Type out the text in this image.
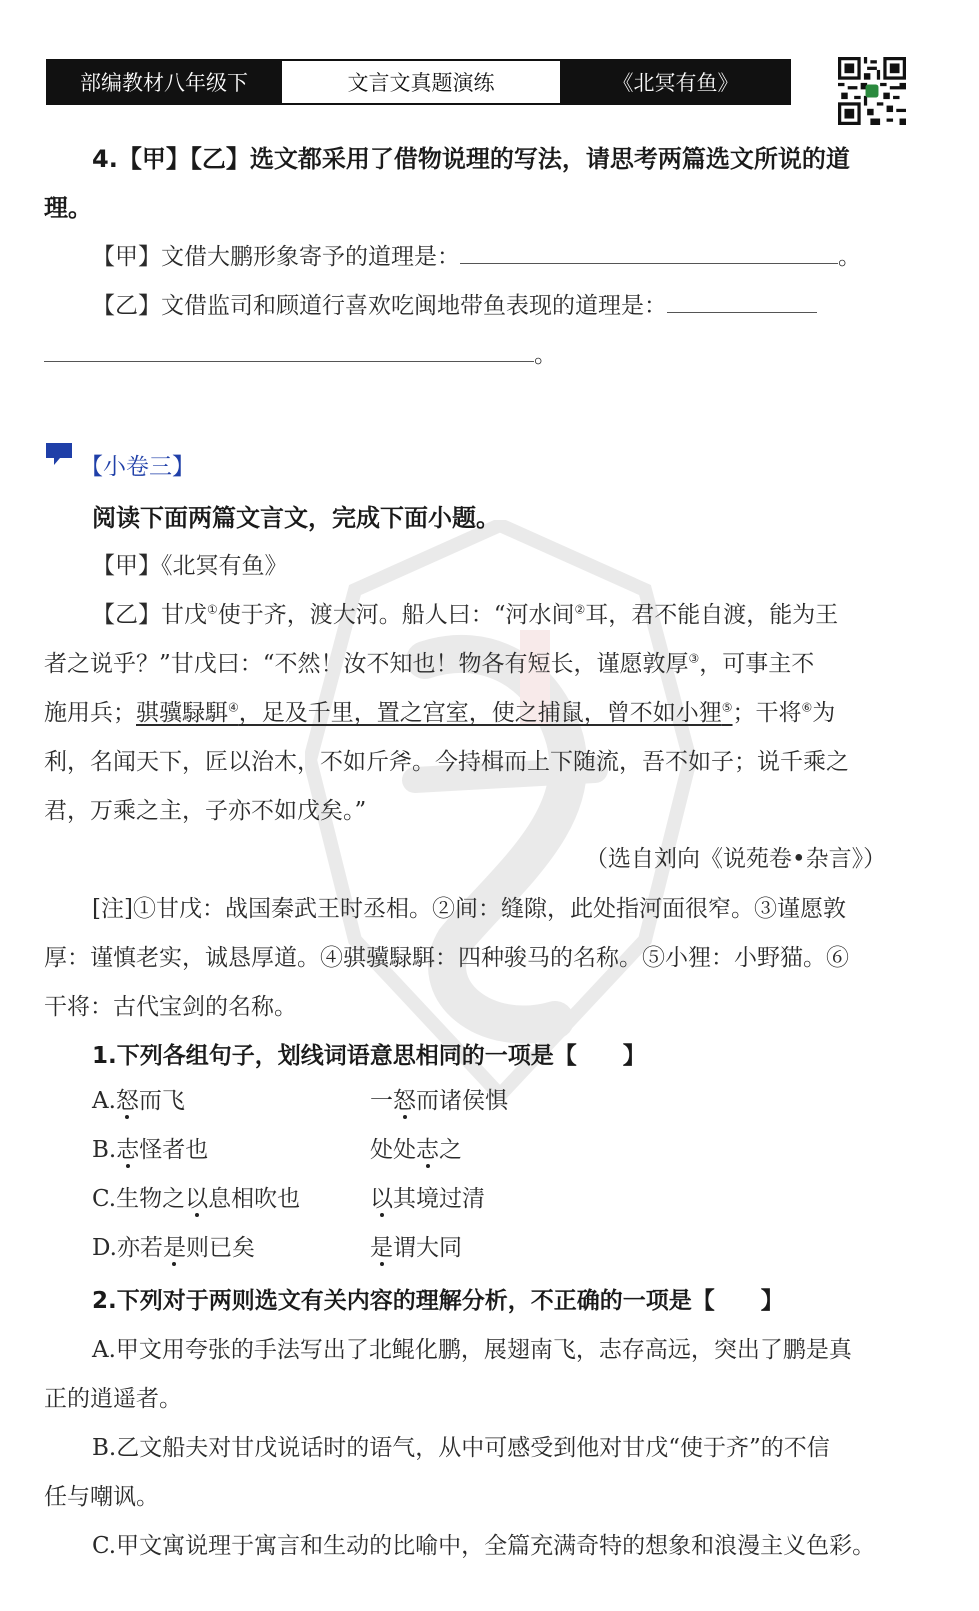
部编教材八年级下	文言文真题演练	《北冥有鱼》
4.【甲】【乙】选文都采用了借物说理的写法，请思考两篇选文所说的道
理。
【甲】文借大鹏形象寄予的道理是：	。
【乙】文借监司和顾道行喜欢吃闽地带鱼表现的道理是：
。
【小卷三】
阅读下面两篇文言文，完成下面小题。
【甲】《北冥有鱼》
【乙】甘戊①使于齐，渡大河。船人曰：“河水间②耳，君不能自渡，能为王
者之说乎？”甘戊曰：“不然！汝不知也！物各有短长，谨愿敦厚③，可事主不
施用兵；骐骥騄駬④，足及千里，置之宫室，使之捕鼠，曾不如小狸⑤；干将⑥为
利，名闻天下，匠以治木，不如斤斧。今持楫而上下随流，吾不如子；说千乘之
君，万乘之主，子亦不如戊矣。”
（选自刘向《说苑卷•杂言》）
[注]①甘戊：战国秦武王时丞相。②间：缝隙，此处指河面很窄。③谨愿敦
厚：谨慎老实，诚恳厚道。④骐骥騄駬：四种骏马的名称。⑤小狸：小野猫。⑥
干将：古代宝剑的名称。
1.下列各组句子，划线词语意思相同的一项是【　　】
A.怒而飞	一怒而诸侯惧
B.志怪者也	处处志之
C.生物之以息相吹也	以其境过清
D.亦若是则已矣	是谓大同
2.下列对于两则选文有关内容的理解分析，不正确的一项是【　　】
A.甲文用夸张的手法写出了北鲲化鹏，展翅南飞，志存高远，突出了鹏是真
正的逍遥者。
B.乙文船夫对甘戊说话时的语气，从中可感受到他对甘戊“使于齐”的不信
任与嘲讽。
C.甲文寓说理于寓言和生动的比喻中，全篇充满奇特的想象和浪漫主义色彩。
